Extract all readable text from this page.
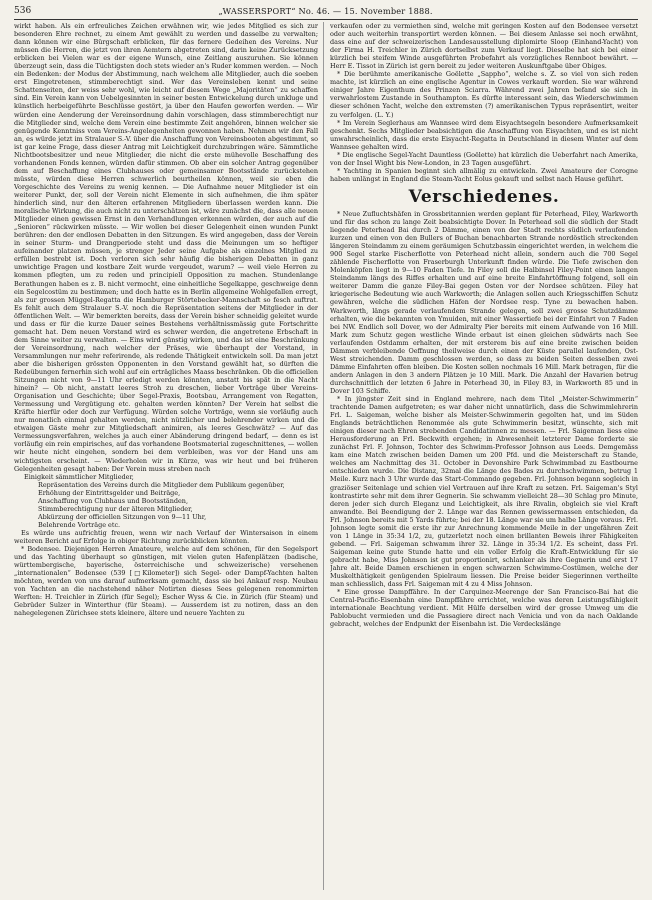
536	„WASSERSPORT“ No. 46. — 15. November 1888.

wirkt haben. Als ein erfreuliches Zeichen erwähnen wir, wie jedes Mitglied es sich zur besonderen Ehre rechnet, zu einem Amt gewählt zu werden und dasselbe zu verwalten; dann können wir eine Bürgschaft erblicken, für das fernere Gedeihen des Vereins. Nur müssen die Herren, die jetzt von ihren Aemtern abgetreten sind, darin keine Zurücksetzung erblicken bei Vielen war es der eigene Wunsch, eine Zeitlang auszuruhen. Sie können überzeugt sein, dass die Tüchtigsten doch stets wieder an's Ruder kommen werden. — Noch ein Bedenken: der Modus der Abstimmung, nach welchem alle Mitglieder, auch die soeben erst Eingetretenen, stimmberechtigt sind. Wer das Vereinsleben kennt und seine Schattenseiten, der weiss sehr wohl, wie leicht auf diesem Wege „Majoritäten“ zu schaffen sind. Ein Verein kann von Uebelgesinnten in seiner besten Entwickelung durch unkluge und künstlich herbeigeführte Beschlüsse gestört, ja über den Haufen geworfen werden. — Wir würden eine Aenderung der Vereinsordnung dahin vorschlagen, dass stimmberechtigt nur die Mitglieder sind, welche dem Verein eine bestimmte Zeit angehören, binnen welcher sie genügende Kenntniss vom Vereins-Angelegenheiten gewonnen haben. Nehmen wir den Fall an, es würde jetzt im Stralauer S.-V. über die Anschaffung von Vereinsbooten abgestimmt, so ist gar keine Frage, dass dieser Antrag mit Leichtigkeit durchzubringen wäre. Sämmtliche Nichtbootsbesitzer und neue Mitglieder, die nicht die erste mühevolle Beschaffung des vorhandenen Fonds kennen, würden dafür stimmen. Ob aber ein solcher Antrag gegenüber dem auf Beschaffung eines Clubhauses oder gemeinsamer Bootsstände zurückstehen müsste, würden diese Herren schwerlich beurtheilen können, weil sie eben die Vorgeschichte des Vereins zu wenig kennen. — Die Aufnahme neuer Mitglieder ist ein weiterer Punkt, der, soll der Verein nicht Elemente in sich aufnehmen, die ihm später hinderlich sind, nur den älteren erfahrenen Mitgliedern überlassen werden kann. Die moralische Wirkung, die auch nicht zu unterschätzen ist, wäre zunächst die, dass alle neuen Mitglieder einen gewissen Ernst in den Verhandlungen erkennen würden, der auch auf die „Senioren“ rückwirken müsste. — Wir wollen bei dieser Gelegenheit einen wunden Punkt berühren: den der endlosen Debatten in den Sitzungen. Es wird angegeben, dass der Verein in seiner Sturm- und Drangperiode steht und dass die Meinungen um so heftiger aufeinander platzen müssen, je strenger Jeder seine Aufgabe als einzelnes Mitglied zu erfüllen bestrebt ist. Doch verloren sich sehr häufig die bisherigen Debatten in ganz unwichtige Fragen und kostbare Zeit wurde vergeudet, warum? — weil viele Herren zu kommen pflegten, um zu reden und principiell Opposition zu machen. Stundenlange Berathungen haben es z. B. nicht vermocht, eine einheitliche Segelkappe, geschweige denn ein Segelcostüm zu bestimmen; und doch hatte es in Berlin allgemeine Wohlgefallen erregt, als zur grossen Müggel-Regatta die Hamburger Störtebecker-Mannschaft so fesch auftrat. Es fehlt auch dem Stralauer S.-V. noch die Repräsentation seitens der Mitglieder in der öffentlichen Welt. — Wir bemerkten bereits, dass der Verein bisher schneidig geleitet wurde und dass er für die kurze Dauer seines Bestehens verhältnissmässig gute Fortschritte gemacht hat. Dem neuen Vorstand wird es schwer werden, die angetretene Erbschaft in dem Sinne weiter zu verwalten. — Eins wird günstig wirken, und das ist eine Beschränkung der Vereinsordnung, nach welcher der Präses, wie überhaupt der Vorstand, in Versammlungen nur mehr referirende, als redende Thätigkeit entwickeln soll. Da man jetzt aber die bisherigen grössten Opponenten in den Vorstand gewählt hat, so dürften die Redeübungen fernerhin sich wohl auf ein erträgliches Maass beschränken. Ob die officiellen Sitzungen nicht von 9—11 Uhr erledigt werden könnten, anstatt bis spät in die Nacht hinein? — Ob nicht, anstatt leeres Stroh zu dreschen, lieber Vorträge über Vereins-Organisation und Geschichte; über Segel-Praxis, Bootsbau, Arrangement von Regatten, Vermessung und Vergütigung etc. gehalten werden könnten? Der Verein hat selbst die Kräfte hierfür oder doch zur Verfügung. Würden solche Vorträge, wenn sie vorläufig auch nur monatlich einmal gehalten werden, nicht nützlicher und belehrender wirken und die etwaigen Gäste mehr zur Mitgliedschaft animiren, als leeres Geschwätz? — Auf das Vermessungsverfahren, welches ja auch einer Abänderung dringend bedarf, — denn es ist vorläufig ein rein empirisches, auf das vorhandene Bootsmaterial zugeschnittenes, — wollen wir heute nicht eingehen, sondern bei dem verbleiben, was vor der Hand uns am wichtigsten erscheint. — Wiederholen wir in Kürze, was wir heut und bei früheren Gelegenheiten gesagt haben: Der Verein muss streben nach

Einigkeit sämmtlicher Mitglieder,

Repräsentation des Vereins durch die Mitglieder dem Publikum gegenüber,

Erhöhung der Eintrittsgelder und Beiträge,

Anschaffung von Clubhaus und Bootsständen,

Stimmberechtigung nur der älteren Mitglieder,

Abkürzung der officiellen Sitzungen von 9—11 Uhr,

Belehrende Vorträge etc.

Es würde uns aufrichtig freuen, wenn wir nach Verlauf der Wintersaison in einem weiteren Bericht auf Erfolge in obiger Richtung zurückblicken könnten.

* Bodensee. Diejenigen Herren Amateure, welche auf dem schönen, für den Segelsport und das Yachting überhaupt so günstigen, mit vielen guten Hafenplätzen (badische, württembergische, bayerische, österreichische und schweizerische) versehenen „internationalen“ Bodensee (539 [□Kilometer]) sich Segel- oder Dampf-Yachten halten möchten, werden von uns darauf aufmerksam gemacht, dass sie bei Ankauf resp. Neubau von Yachten an die nachstehend näher Notirten dieses Sees gelegenen renommirten Werften: H. Treichler in Zürich (für Segel); Escher Wyss & Cie. in Zürich (für Steam) und Gebrüder Sulzer in Winterthur (für Steam). — Ausserdem ist zu notiren, dass an den nahegelegenen Zürichsee stets kleinere, ältere und neuere Yachten zu

verkaufen oder zu vermiethen sind, welche mit geringen Kosten auf den Bodensee versetzt oder auch weiterhin transportirt werden können. — Bei diesem Anlasse sei noch erwähnt, dass eine auf der schweizerischen Landesausstellung diplomirte Sloop (Einhand-Yacht) von der Firma H. Treichler in Zürich dortselbst zum Verkauf liegt. Dieselbe hat sich bei einer kürzlich bei steifem Winde ausgeführten Probefahrt als vorzügliches Rennboot bewährt. — Herr E. Tissot in Zürich ist gern bereit zu jeder weiteren Auskunftgabe über Obiges.

* Die berühmte amerikanische Goëlette „Sappho“, welche s. Z. so viel von sich reden machte, ist kürzlich an eine englische Agentur in Cowes verkauft worden. Sie war während einiger Jahre Eigenthum des Prinzen Sciarra. Während zwei Jahren befand sie sich in verwahrlostem Zustande in Southampton. Es dürfte interessant sein, das Wiederschwimmen dieser schönen Yacht, welche den extremsten (?) amerikanischen Typus repräsentirt, weiter zu verfolgen. (L. Y.)

* Im Verein Seglerhaus am Wannsee wird dem Eisyachtsegeln besondere Aufmerksamkeit geschenkt. Sechs Mitglieder beabsichtigen die Anschaffung von Eisyachten, und es ist nicht unwahrscheinlich, dass die erste Eisyacht-Regatta in Deutschland in diesem Winter auf dem Wannsee gehalten wird.

* Die englische Segel-Yacht Dauntless (Goëlette) hat kürzlich die Ueberfahrt nach Amerika, von der Insel Wight bis New-London, in 23 Tagen ausgeführt.

* Yachting in Spanien beginnt sich allmälig zu entwickeln. Zwei Amateure der Corogne haben unlängst in England die Steam-Yacht Eolus gekauft und selbst nach Hause geführt.

Verschiedenes.

* Neue Zufluchtshäfen in Grossbritannien werden geplant für Peterhead, Filey, Warkworth und für das schon zu lange Zeit beabsichtigte Dover. In Peterhead soll die südlich der Stadt liegende Peterhead Bai durch 2 Dämme, einen von der Stadt rechts südlich verlaufenden kurzen und einen von den Bullers of Buchan benachbarten Strande nordöstlich streckenden längeren Steindamm zu einem geräumigen Schutzbassin eingerichtet werden, in welchem die 900 Segel starke Fischerflotte von Peterhead nicht allein, sondern auch die 700 Segel zählende Fischerflotte von Fraserburgh Unterkunft finden würde. Die Tiefe zwischen den Molenköpfen liegt in 9—10 Faden Tiefe. In Filey soll die Halbinsel Filey-Point einen langen Steindamm längs des Riffes erhalten und auf eine breite Einfahrtöffnung folgend, soll ein weiterer Damm die ganze Filey-Bai gegen Osten vor der Nordsee schützen. Filey hat kriegerische Bedeutung wie auch Warkworth; die Anlagen sollen auch Kriegsschiffen Schutz gewähren, welche die südlichen Häfen der Nordsee resp. Tyne zu bewachen haben. Warkworth, längs gerade verlaufendem Strande gelegen, soll zwei grosse Schutzdämme erhalten, wie die bekannten von Ymuiden, mit einer Wassertiefe bei der Einfahrt von 7 Faden bei NW. Endlich soll Dover, wo der Admiralty Pier bereits mit einem Aufwande von 16 Mill. Mark zum Schutz gegen westliche Winde erbaut ist einen gleichen südwärts nach See verlaufenden Ostdamm erhalten, der mit ersterem bis auf eine breite zwischen beiden Dämmen verbleibende Oeffnung theilweise durch einen der Küste parallel laufenden, Ost-West streichenden. Damm geschlossen werden, so dass zu beiden Seiten desselben zwei Dämme Einfahrten offen bleiben. Die Kosten sollen nochmals 16 Mill. Mark betragen, für die andern Anlagen in den 3 andern Plätzen je 10 Mill. Mark. Die Anzahl der Havarien betrug durchschnittlich der letzten 6 Jahre in Peterhead 30, in Filey 83, in Warkworth 85 und in Dover 103 Schiffe.

* In jüngster Zeit sind in England mehrere, nach dem Titel „Meister-Schwimmerin“ trachtende Damen aufgetreten; es war daher nicht unnatürlich, dass die Schwimmlehrerin Frl. L. Saigeman, welche bisher als Meister-Schwimmerin gegolten hat, und im Süden Englands beträchtlichen Renommée als gute Schwimmerin besitzt, wünschte, sich mit einigen dieser nach Ehren strebenden Candidatinnen zu messen. — Frl. Saigeman liess eine Herausforderung an Frl. Beckwith ergehen; in Abwesenheit letzterer Dame forderte sie zunächst Frl. F. Johnson, Tochter des Schwimm-Professor Johnson aus Leeds. Demgemäss kam eine Match zwischen beiden Damen um 200 Pfd. und die Meisterschaft zu Stande, welches am Nachmittag des 31. October in Devonshire Park Schwimmbad zu Eastbourne entschieden wurde. Die Distanz, 32mal die Länge des Bades zu durchschwimmen, betrug 1 Meile. Kurz nach 3 Uhr wurde das Start-Commando gegeben. Frl. Johnson begann sogleich in graziöser Seitenlage und schien viel Vertrauen auf ihre Kraft zu setzen. Frl. Saigeman's Styl kontrastirte sehr mit dem ihrer Gegnerin. Sie schwamm vielleicht 28—30 Schlag pro Minute, deren jeder sich durch Eleganz und Leichtigkeit, als ihre Rivalin, obgleich sie viel Kraft anwandte. Bei Beendigung der 2. Länge war das Rennen gewissermassen entschieden, da Frl. Johnson bereits mit 5 Yards führte; bei der 18. Länge war sie um halbe Länge voraus. Frl. Johnson legte somit die erste ihr zur Anrechnung kommende Meile in der ungefähren Zeit von 1 Länge in 35:34 1/2, zu, gutzerletzt noch einen brillanten Beweis ihrer Fähigkeiten gebend. — Frl. Saigeman schwamm ihrer 32. Länge in 35:34 1/2. Es scheint, dass Frl. Saigeman keine gute Stunde hatte und ein voller Erfolg die Kraft-Entwicklung für sie gebracht habe, Miss Johnson ist gut proportionirt, schlanker als ihre Gegnerin und erst 17 Jahre alt. Beide Damen erschienen in engen schwarzen Schwimme-Costümen, welche der Muskelthätigkeit genügenden Spielraum liessen. Die Preise beider Siegerinnen vertheilte man schliesslich, dass Frl. Saigeman mit 4 zu 4 Miss Johnson.

* Eine grosse Dampffähre. In der Carquinez-Meerenge der San Francisco-Bai hat die Central-Pacific-Eisenbahn eine Dampffähre errichtet, welche was deren Leistungsfähigkeit internationale Beachtung verdient. Mit Hülfe derselben wird der grosse Umweg um die Pablobucht vermieden und die Passagiere direct nach Venicia und von da nach Oaklande gebracht, welches der Endpunkt der Eisenbahn ist. Die Verdeckslänge
